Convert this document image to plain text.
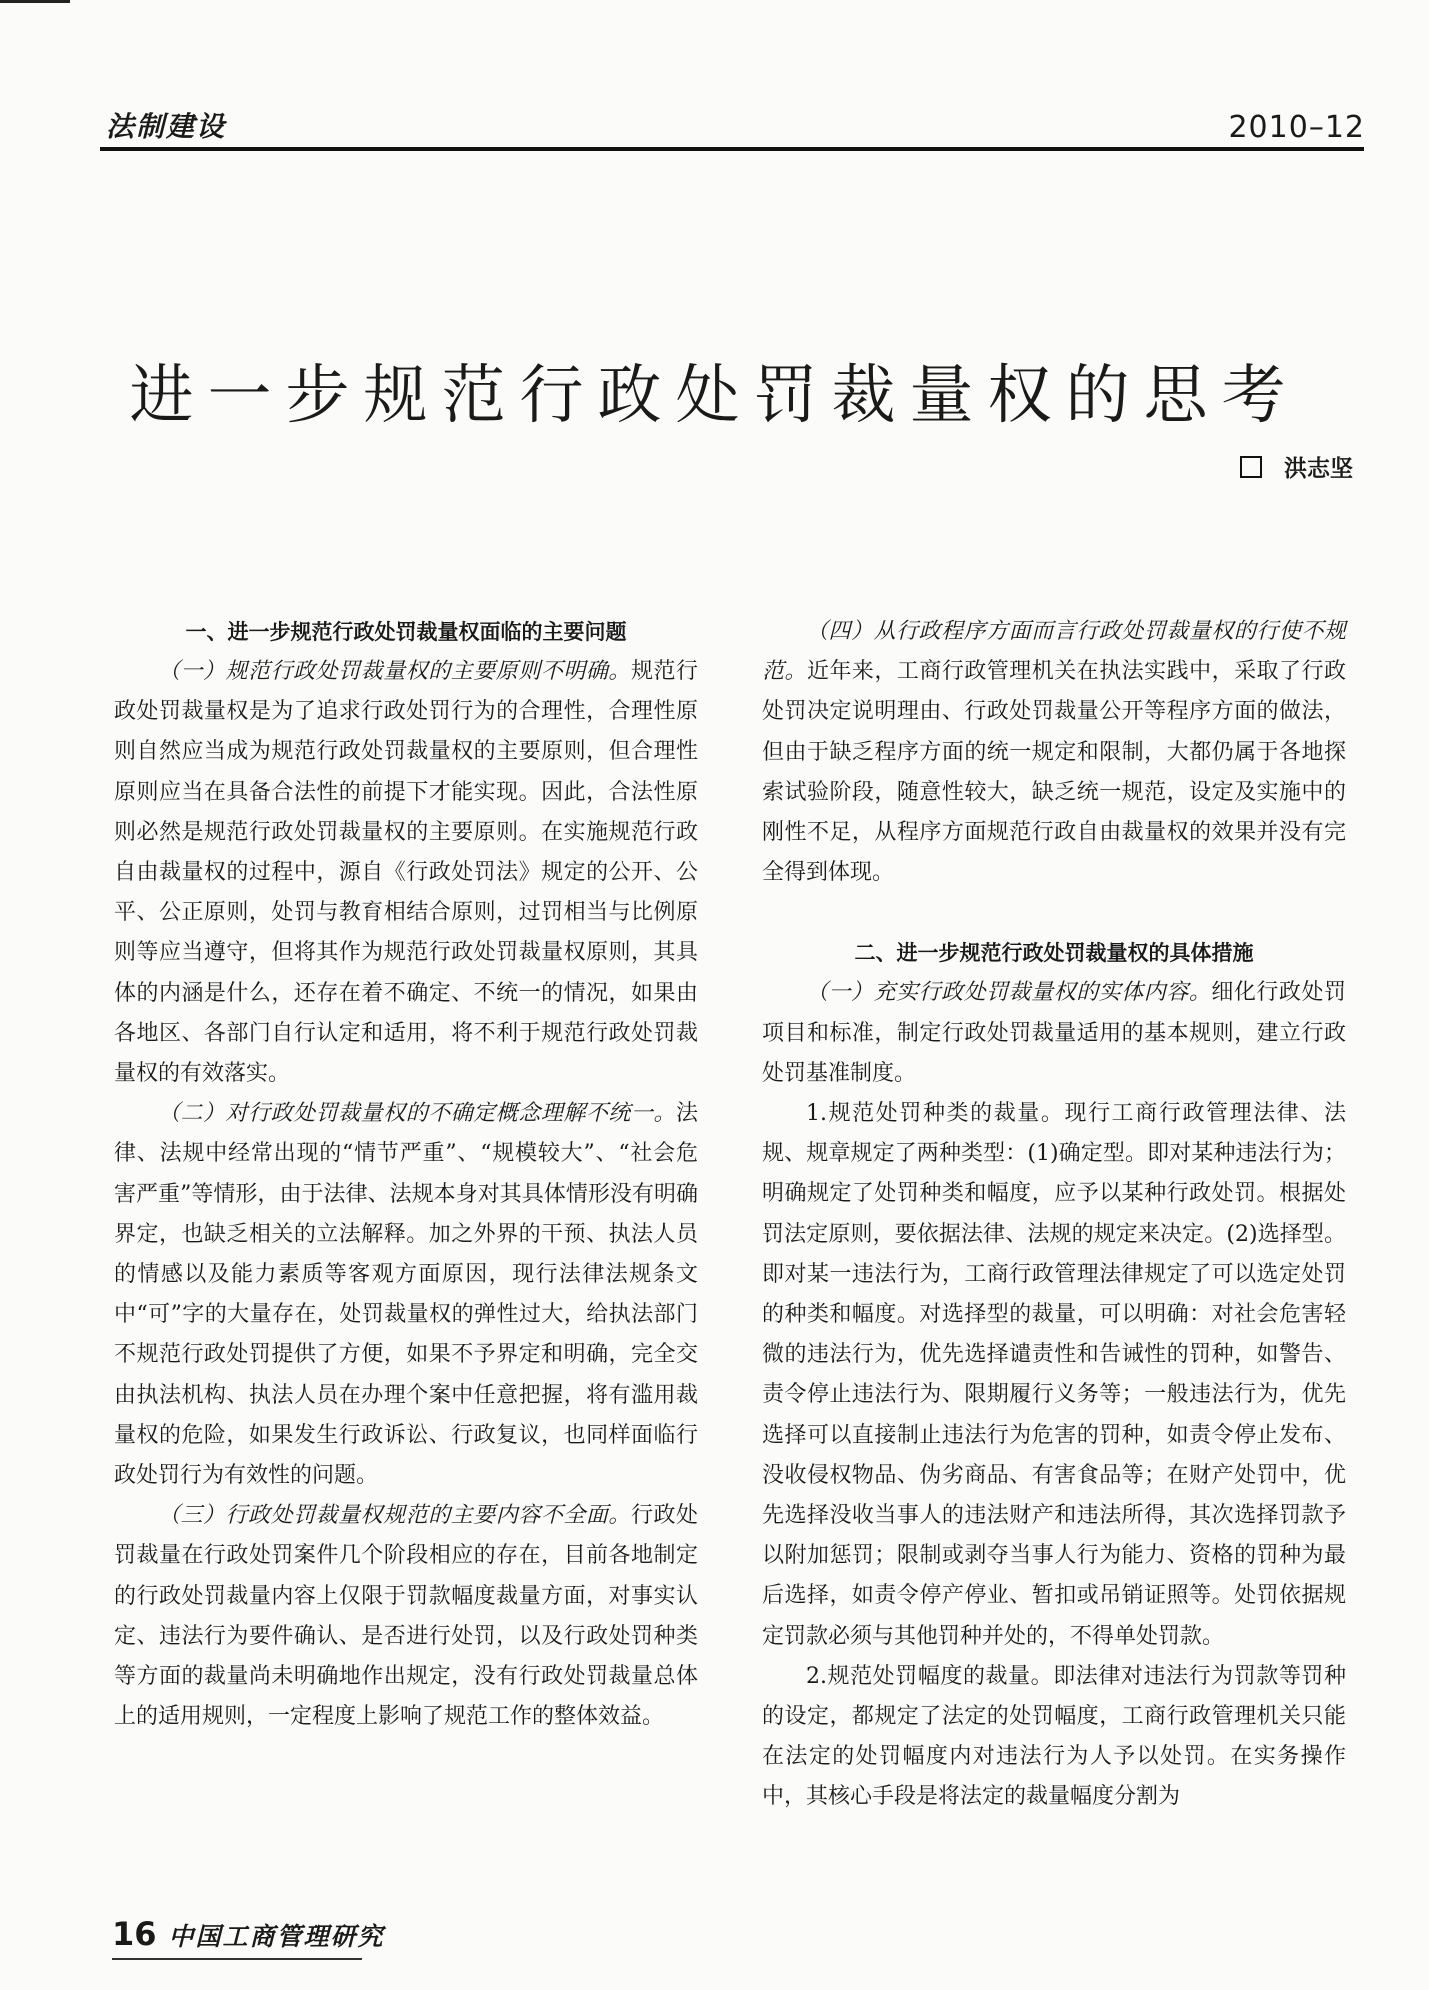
法制建设	2010–12
进一步规范行政处罚裁量权的思考
洪志坚
一、进一步规范行政处罚裁量权面临的主要问题

（一）规范行政处罚裁量权的主要原则不明确。规范行政处罚裁量权是为了追求行政处罚行为的合理性，合理性原则自然应当成为规范行政处罚裁量权的主要原则，但合理性原则应当在具备合法性的前提下才能实现。因此，合法性原则必然是规范行政处罚裁量权的主要原则。在实施规范行政自由裁量权的过程中，源自《行政处罚法》规定的公开、公平、公正原则，处罚与教育相结合原则，过罚相当与比例原则等应当遵守，但将其作为规范行政处罚裁量权原则，其具体的内涵是什么，还存在着不确定、不统一的情况，如果由各地区、各部门自行认定和适用，将不利于规范行政处罚裁量权的有效落实。

（二）对行政处罚裁量权的不确定概念理解不统一。法律、法规中经常出现的“情节严重”、“规模较大”、“社会危害严重”等情形，由于法律、法规本身对其具体情形没有明确界定，也缺乏相关的立法解释。加之外界的干预、执法人员的情感以及能力素质等客观方面原因，现行法律法规条文中“可”字的大量存在，处罚裁量权的弹性过大，给执法部门不规范行政处罚提供了方便，如果不予界定和明确，完全交由执法机构、执法人员在办理个案中任意把握，将有滥用裁量权的危险，如果发生行政诉讼、行政复议，也同样面临行政处罚行为有效性的问题。

（三）行政处罚裁量权规范的主要内容不全面。行政处罚裁量在行政处罚案件几个阶段相应的存在，目前各地制定的行政处罚裁量内容上仅限于罚款幅度裁量方面，对事实认定、违法行为要件确认、是否进行处罚，以及行政处罚种类等方面的裁量尚未明确地作出规定，没有行政处罚裁量总体上的适用规则，一定程度上影响了规范工作的整体效益。

（四）从行政程序方面而言行政处罚裁量权的行使不规范。近年来，工商行政管理机关在执法实践中，采取了行政处罚决定说明理由、行政处罚裁量公开等程序方面的做法，但由于缺乏程序方面的统一规定和限制，大都仍属于各地探索试验阶段，随意性较大，缺乏统一规范，设定及实施中的刚性不足，从程序方面规范行政自由裁量权的效果并没有完全得到体现。

二、进一步规范行政处罚裁量权的具体措施

（一）充实行政处罚裁量权的实体内容。细化行政处罚项目和标准，制定行政处罚裁量适用的基本规则，建立行政处罚基准制度。

1.规范处罚种类的裁量。现行工商行政管理法律、法规、规章规定了两种类型：(1)确定型。即对某种违法行为；明确规定了处罚种类和幅度，应予以某种行政处罚。根据处罚法定原则，要依据法律、法规的规定来决定。(2)选择型。即对某一违法行为，工商行政管理法律规定了可以选定处罚的种类和幅度。对选择型的裁量，可以明确：对社会危害轻微的违法行为，优先选择谴责性和告诫性的罚种，如警告、责令停止违法行为、限期履行义务等；一般违法行为，优先选择可以直接制止违法行为危害的罚种，如责令停止发布、没收侵权物品、伪劣商品、有害食品等；在财产处罚中，优先选择没收当事人的违法财产和违法所得，其次选择罚款予以附加惩罚；限制或剥夺当事人行为能力、资格的罚种为最后选择，如责令停产停业、暂扣或吊销证照等。处罚依据规定罚款必须与其他罚种并处的，不得单处罚款。

2.规范处罚幅度的裁量。即法律对违法行为罚款等罚种的设定，都规定了法定的处罚幅度，工商行政管理机关只能在法定的处罚幅度内对违法行为人予以处罚。在实务操作中，其核心手段是将法定的裁量幅度分割为

16 中国工商管理研究
